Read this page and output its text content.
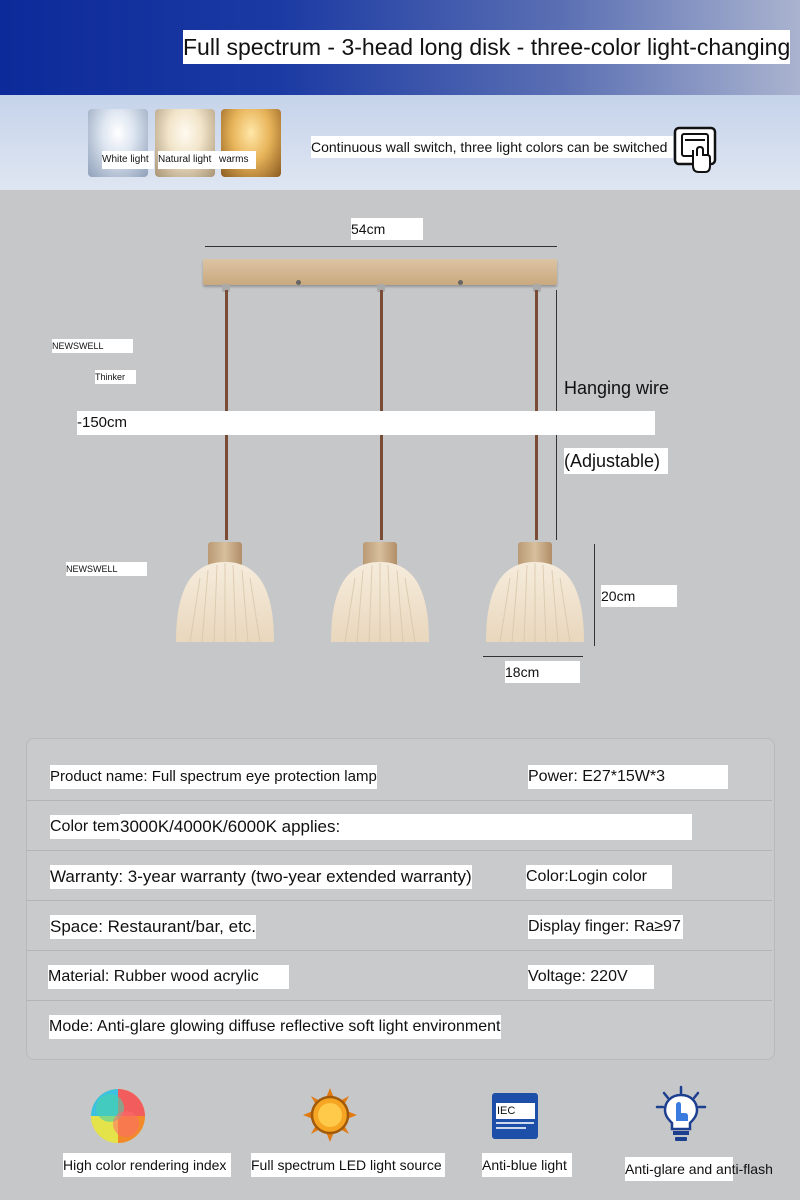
Full spectrum - 3-head long disk - three-color light-changing
White light Natural light warms
Continuous wall switch, three light colors can be switched
54cm
NEWSWELL
Thinker
NEWSWELL
Hanging wire
-150cm
(Adjustable)
20cm
18cm
Product name: Full spectrum eye protection lamp	Power: E27*15W*3
Color tem 3000K/4000K/6000K applies:
Warranty: 3-year warranty (two-year extended warranty)	Color:Login color
Space: Restaurant/bar, etc.	Display finger: Ra≥97
Material: Rubber wood acrylic	Voltage: 220V
Mode: Anti-glare glowing diffuse reflective soft light environment
IEC
High color rendering index	Full spectrum LED light source	Anti-blue light	Anti-glare and anti-flash
